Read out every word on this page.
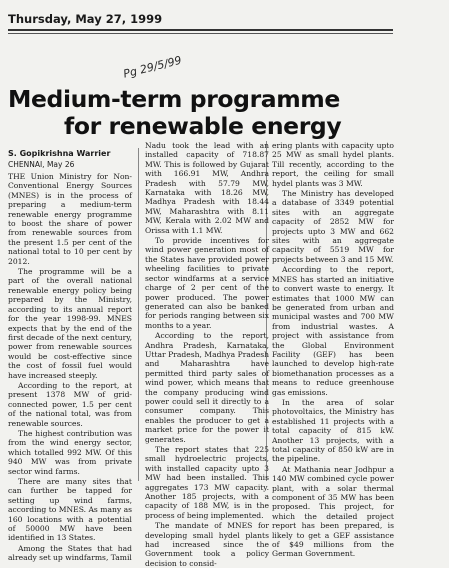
Thursday, May 27, 1999
Medium-term programme
Pg 29/5/99
for renewable energy
S. Gopikrishna Warrier
CHENNAI, May 26

THE Union Ministry for Non-Conventional Energy Sources (MNES) is in the process of preparing a medium-term renewable energy programme to boost the share of power from renewable sources from the present 1.5 per cent of the national total to 10 per cent by 2012.

The programme will be a part of the overall national renewable energy policy being prepared by the Ministry, according to its annual report for the year 1998-99. MNES expects that by the end of the first decade of the next century, power from renewable sources would be cost-effective since the cost of fossil fuel would have increased steeply.

According to the report, at present 1378 MW of grid-connected power, 1.5 per cent of the national total, was from renewable sources.

The highest contribution was from the wind energy sector, which totalled 992 MW. Of this 940 MW was from private sector wind farms.

There are many sites that can further be tapped for setting up wind farms, according to MNES. As many as 160 locations with a potential of 50000 MW have been identified in 13 States.

Among the States that had already set up windfarms, Tamil

Nadu took the lead with an installed capacity of 718.87 MW. This is followed by Gujarat with 166.91 MW, Andhra Pradesh with 57.79 MW, Karnataka with 18.26 MW, Madhya Pradesh with 18.44 MW, Maharashtra with 8.11 MW, Kerala with 2.02 MW and Orissa with 1.1 MW.

To provide incentives for wind power generation most of the States have provided power wheeling facilities to private sector windfarms at a service charge of 2 per cent of the power produced. The power generated can also be banked for periods ranging between six months to a year.

According to the report, Andhra Pradesh, Karnataka, Uttar Pradesh, Madhya Pradesh and Maharashtra have permitted third party sales of wind power, which means that the company producing wind power could sell it directly to a consumer company. This enables the producer to get a market price for the power it generates.

The report states that 225 small hydroelectric projects, with installed capacity upto 3 MW had been installed. This aggregates 173 MW capacity. Another 185 projects, with a capacity of 188 MW, is in the process of being implemented.

The mandate of MNES for developing small hydel plants had increased since the Government took a policy decision to consid-

ering plants with capacity upto 25 MW as small hydel plants. Till recently, according to the report, the ceiling for small hydel plants was 3 MW.

The Ministry has developed a database of 3349 potential sites with an aggregate capacity of 2852 MW for projects upto 3 MW and 662 sites with an aggregate capacity of 5519 MW for projects between 3 and 15 MW.

According to the report, MNES has started an initiative to convert waste to energy. It estimates that 1000 MW can be generated from urban and municipal wastes and 700 MW from industrial wastes. A project with assistance from the Global Environment Facility (GEF) has been launched to develop high-rate biomethanation processes as a means to reduce greenhouse gas emissions.

In the area of solar photovoltaics, the Ministry has established 11 projects with a total capacity of 815 kW. Another 13 projects, with a total capacity of 850 kW are in the pipeline.

At Mathania near Jodhpur a 140 MW combined cycle power plant, with a solar thermal component of 35 MW has been proposed. This project, for which the detailed project report has been prepared, is likely to get a GEF assistance of $49 millions from the German Government.
